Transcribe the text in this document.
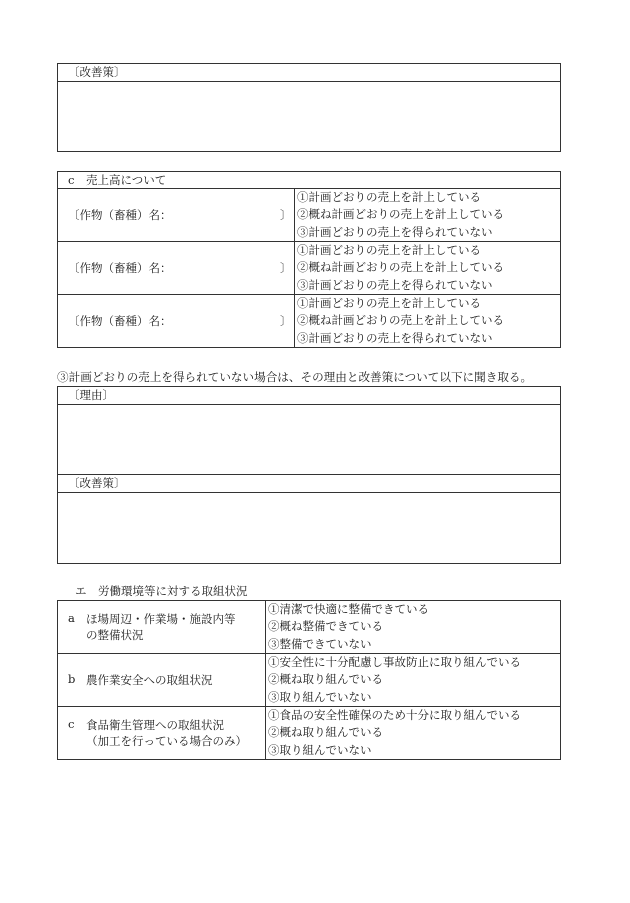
〔改善策〕
c　売上高について	

〔作物（畜種）名： 〕	①計画どおりの売上を計上している
②概ね計画どおりの売上を計上している
③計画どおりの売上を得られていない

〔作物（畜種）名： 〕	①計画どおりの売上を計上している
②概ね計画どおりの売上を計上している
③計画どおりの売上を得られていない

〔作物（畜種）名： 〕	①計画どおりの売上を計上している
②概ね計画どおりの売上を計上している
③計画どおりの売上を得られていない
③計画どおりの売上を得られていない場合は、その理由と改善策について以下に聞き取る。
〔理由〕
〔改善策〕
エ　労働環境等に対する取組状況
a ほ場周辺・作業場・施設内等
の整備状況	①清潔で快適に整備できている
②概ね整備できている
③整備できていない

b 農作業安全への取組状況	①安全性に十分配慮し事故防止に取り組んでいる
②概ね取り組んでいる
③取り組んでいない

c 食品衛生管理への取組状況
（加工を行っている場合のみ）	①食品の安全性確保のため十分に取り組んでいる
②概ね取り組んでいる
③取り組んでいない
